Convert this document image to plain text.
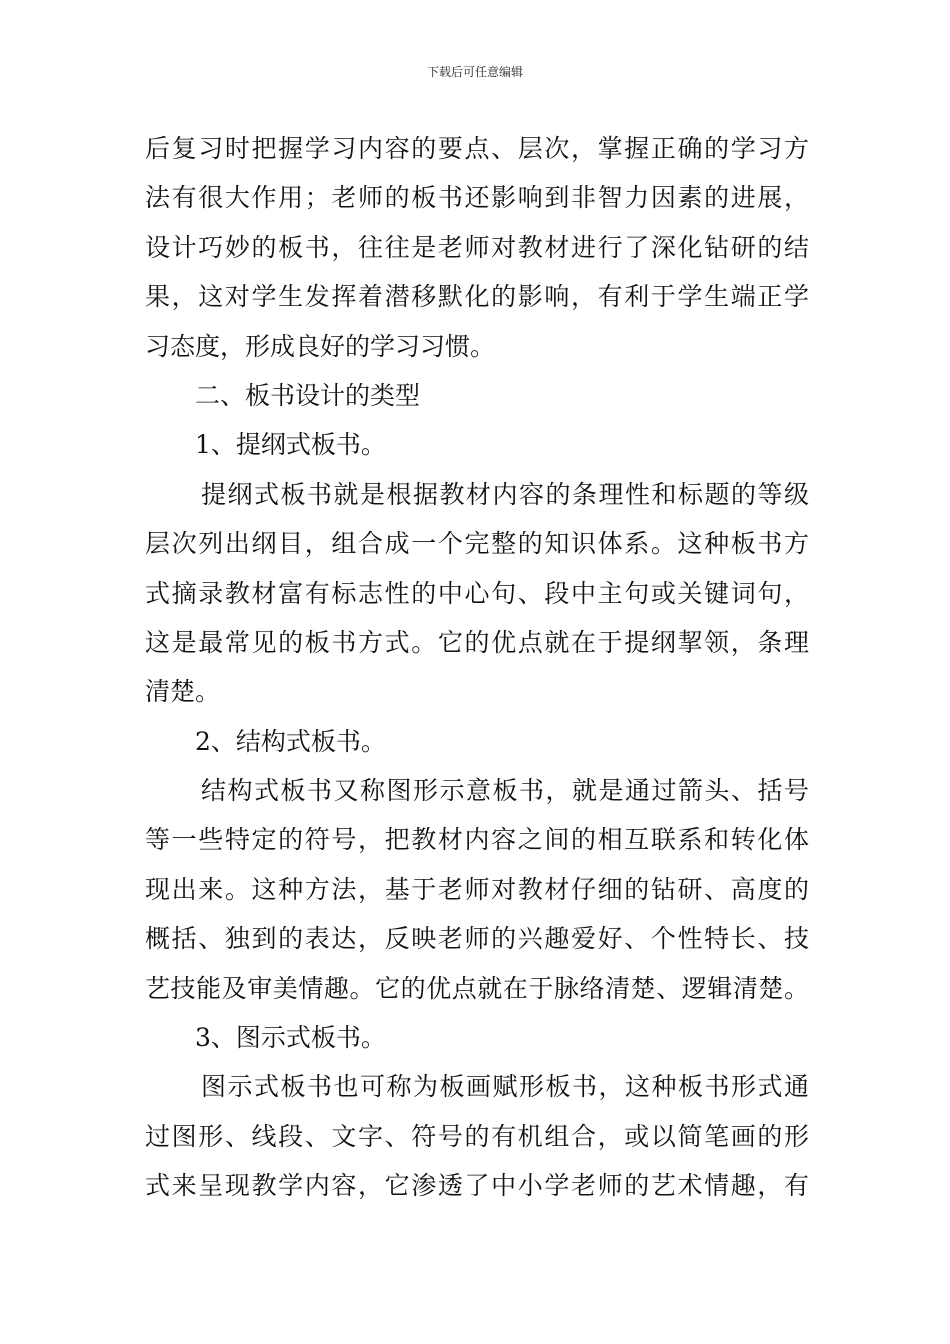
下载后可任意编辑
后复习时把握学习内容的要点、层次，掌握正确的学习方
法有很大作用；老师的板书还影响到非智力因素的进展，
设计巧妙的板书，往往是老师对教材进行了深化钻研的结
果，这对学生发挥着潜移默化的影响，有利于学生端正学
习态度，形成良好的学习习惯。
二、板书设计的类型
1、提纲式板书。
提纲式板书就是根据教材内容的条理性和标题的等级
层次列出纲目，组合成一个完整的知识体系。这种板书方
式摘录教材富有标志性的中心句、段中主句或关键词句，
这是最常见的板书方式。它的优点就在于提纲挈领，条理
清楚。
2、结构式板书。
结构式板书又称图形示意板书，就是通过箭头、括号
等一些特定的符号，把教材内容之间的相互联系和转化体
现出来。这种方法，基于老师对教材仔细的钻研、高度的
概括、独到的表达，反映老师的兴趣爱好、个性特长、技
艺技能及审美情趣。它的优点就在于脉络清楚、逻辑清楚。
3、图示式板书。
图示式板书也可称为板画赋形板书，这种板书形式通
过图形、线段、文字、符号的有机组合，或以简笔画的形
式来呈现教学内容，它渗透了中小学老师的艺术情趣，有
